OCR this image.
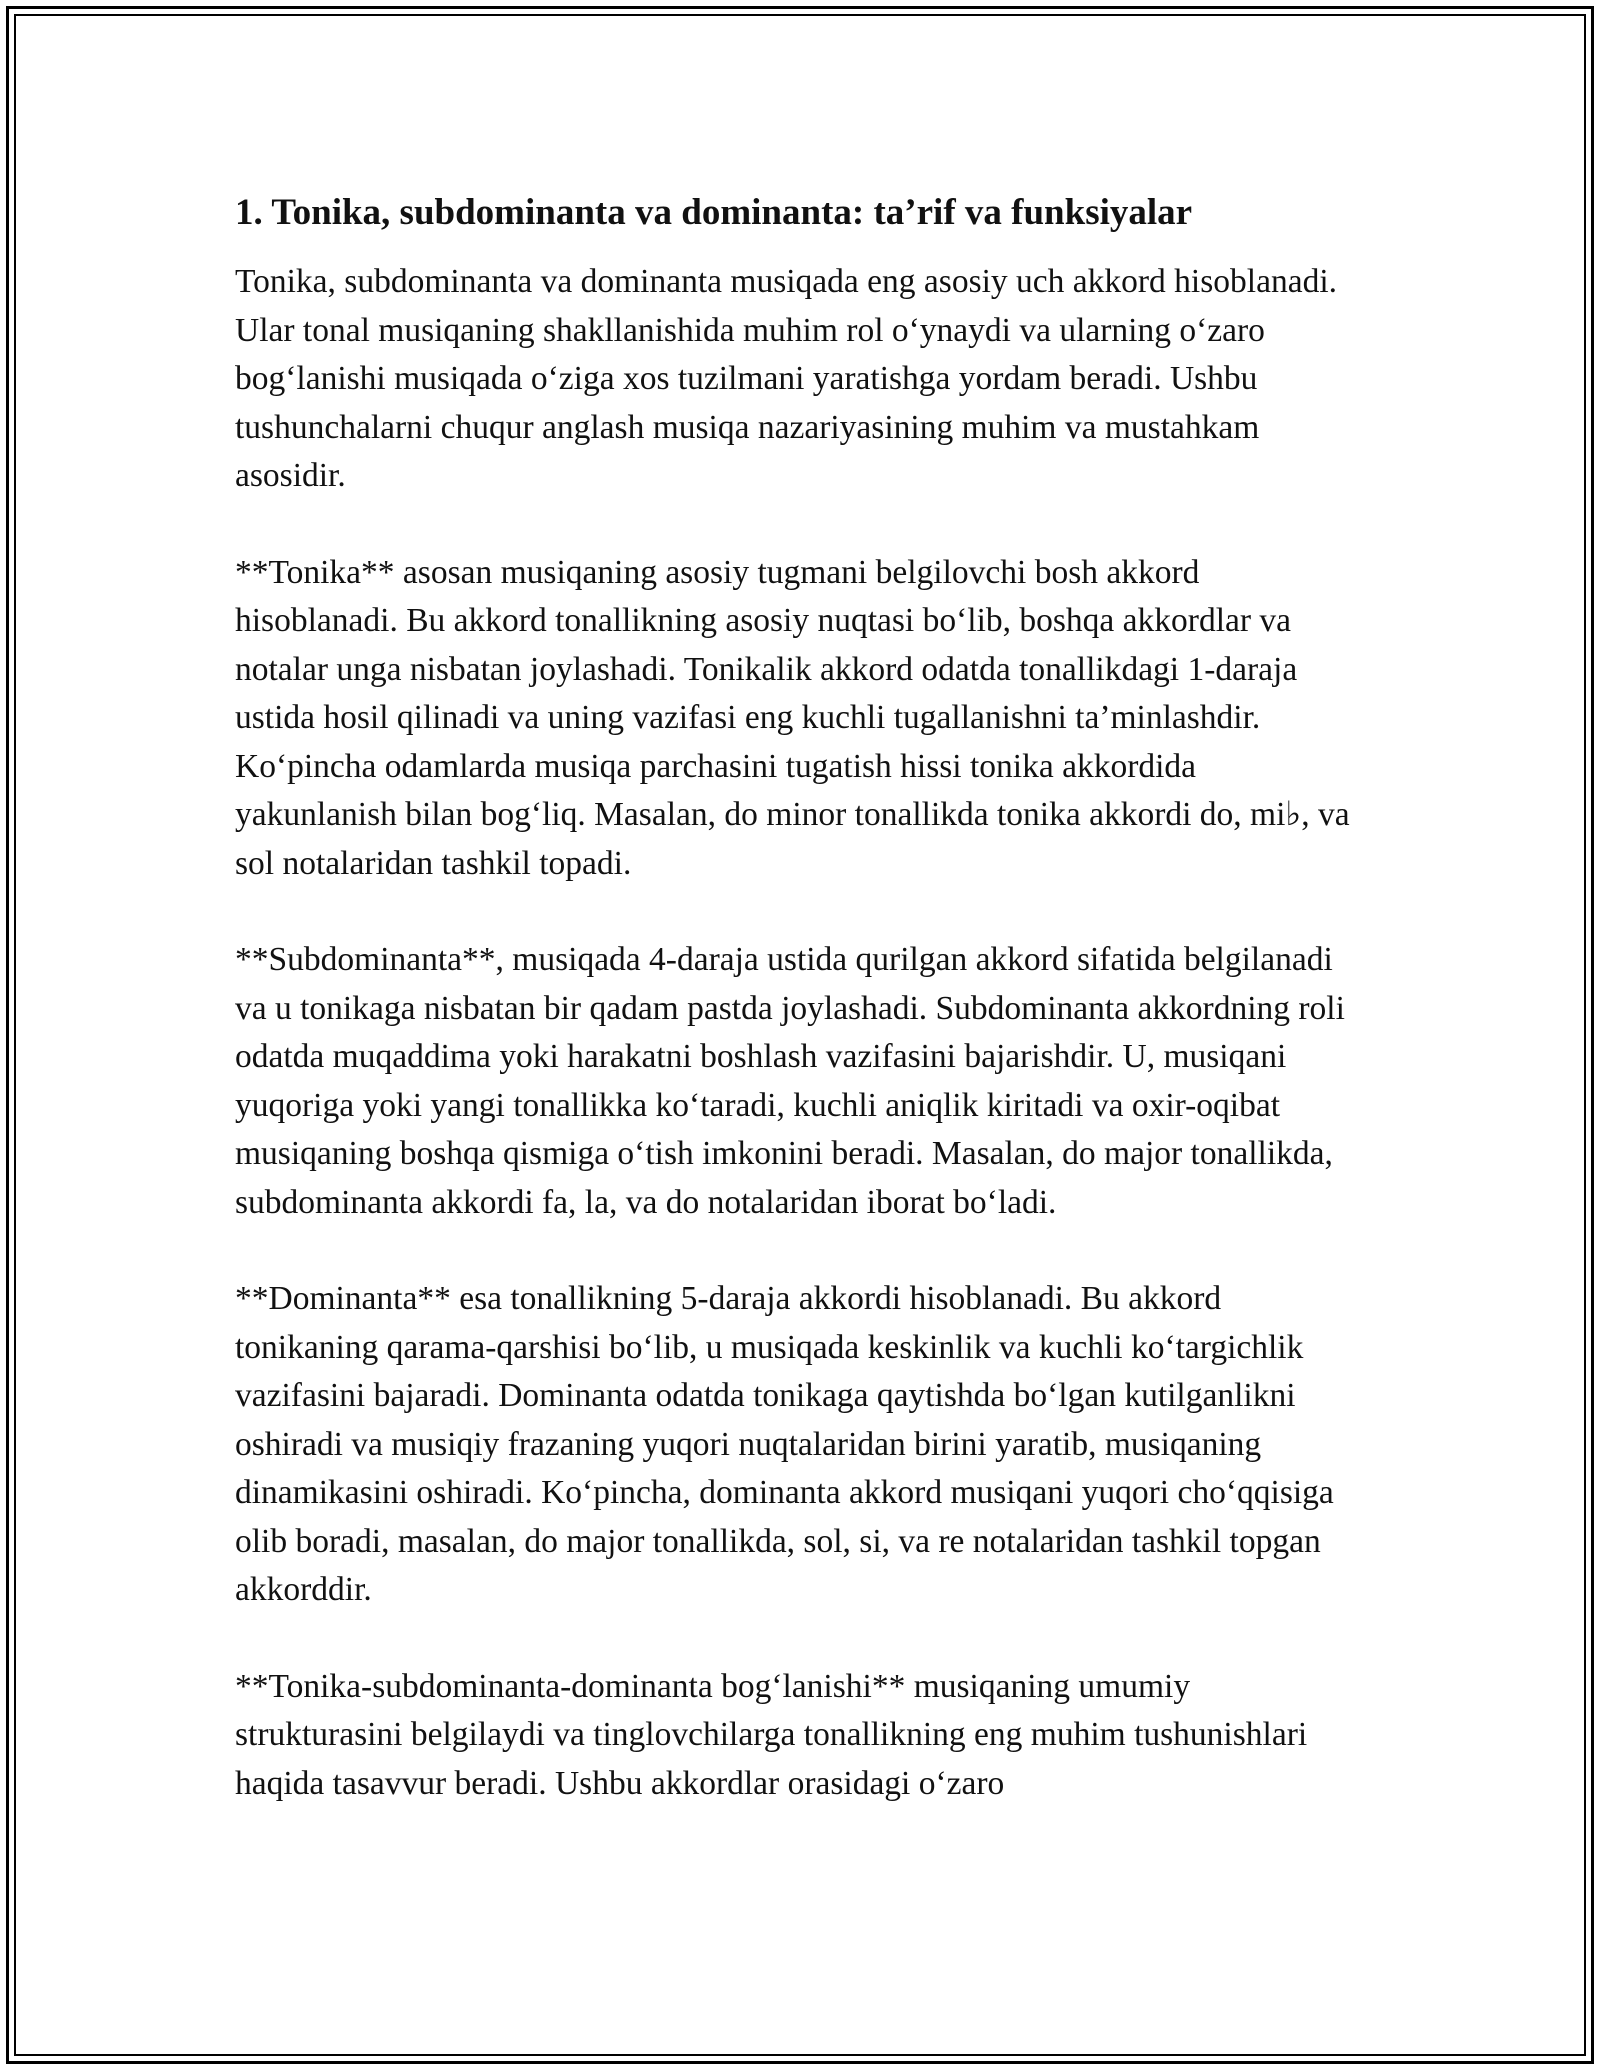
1. Tonika, subdominanta va dominanta: ta’rif va funksiyalar

Tonika, subdominanta va dominanta musiqada eng asosiy uch akkord hisoblanadi. Ular tonal musiqaning shakllanishida muhim rol oʻynaydi va ularning oʻzaro bogʻlanishi musiqada oʻziga xos tuzilmani yaratishga yordam beradi. Ushbu tushunchalarni chuqur anglash musiqa nazariyasining muhim va mustahkam asosidir.

**Tonika** asosan musiqaning asosiy tugmani belgilovchi bosh akkord hisoblanadi. Bu akkord tonallikning asosiy nuqtasi boʻlib, boshqa akkordlar va notalar unga nisbatan joylashadi. Tonikalik akkord odatda tonallikdagi 1-daraja ustida hosil qilinadi va uning vazifasi eng kuchli tugallanishni ta’minlashdir. Koʻpincha odamlarda musiqa parchasini tugatish hissi tonika akkordida yakunlanish bilan bogʻliq. Masalan, do minor tonallikda tonika akkordi do, mi♭, va sol notalaridan tashkil topadi.

**Subdominanta**, musiqada 4-daraja ustida qurilgan akkord sifatida belgilanadi va u tonikaga nisbatan bir qadam pastda joylashadi. Subdominanta akkordning roli odatda muqaddima yoki harakatni boshlash vazifasini bajarishdir. U, musiqani yuqoriga yoki yangi tonallikka koʻtaradi, kuchli aniqlik kiritadi va oxir-oqibat musiqaning boshqa qismiga oʻtish imkonini beradi. Masalan, do major tonallikda, subdominanta akkordi fa, la, va do notalaridan iborat boʻladi.

**Dominanta** esa tonallikning 5-daraja akkordi hisoblanadi. Bu akkord tonikaning qarama-qarshisi boʻlib, u musiqada keskinlik va kuchli koʻtargichlik vazifasini bajaradi. Dominanta odatda tonikaga qaytishda boʻlgan kutilganlikni oshiradi va musiqiy frazaning yuqori nuqtalaridan birini yaratib, musiqaning dinamikasini oshiradi. Koʻpincha, dominanta akkord musiqani yuqori choʻqqisiga olib boradi, masalan, do major tonallikda, sol, si, va re notalaridan tashkil topgan akkorddir.

**Tonika-subdominanta-dominanta bogʻlanishi** musiqaning umumiy strukturasini belgilaydi va tinglovchilarga tonallikning eng muhim tushunishlari haqida tasavvur beradi. Ushbu akkordlar orasidagi oʻzaro
